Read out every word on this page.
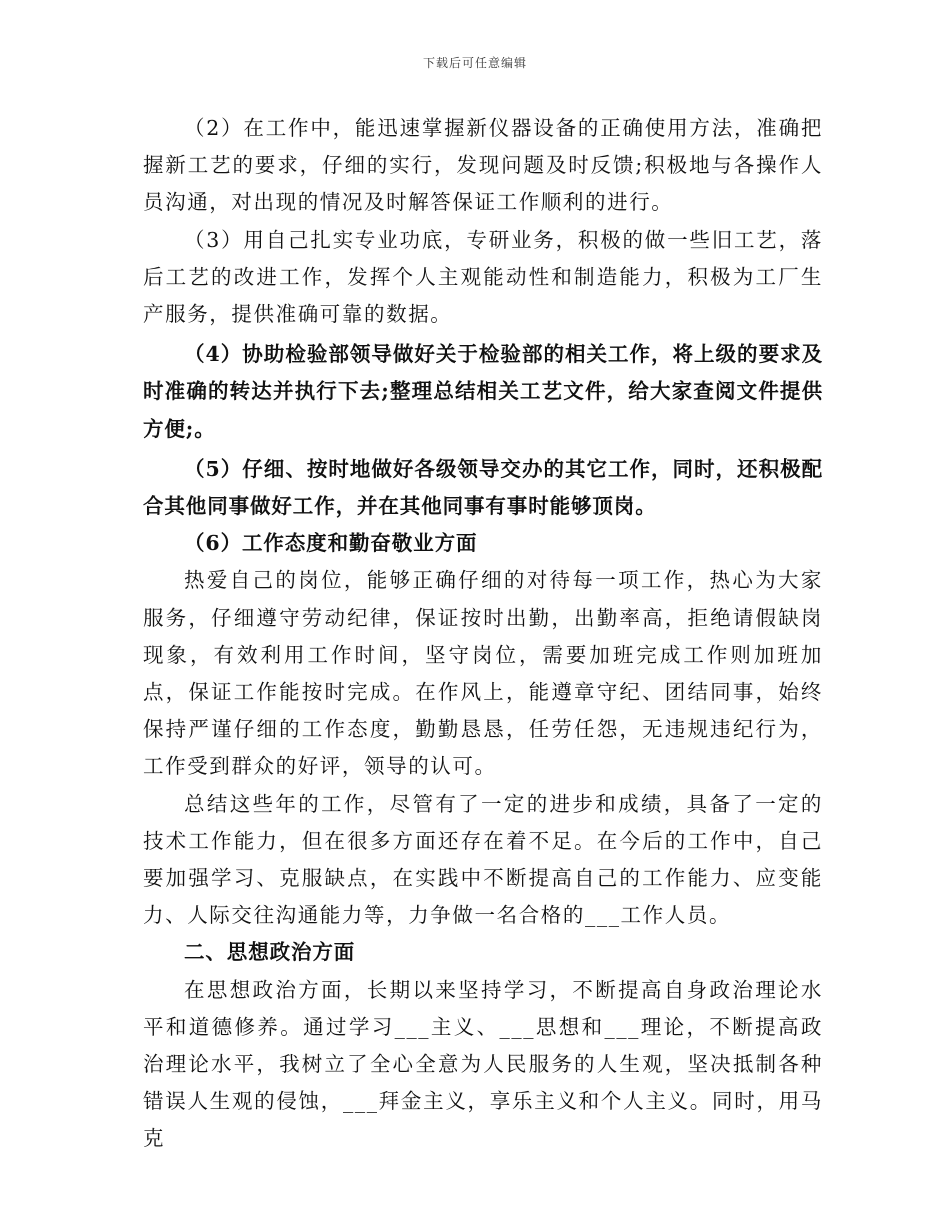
下载后可任意编辑

（2）在工作中，能迅速掌握新仪器设备的正确使用方法，准确把握新工艺的要求，仔细的实行，发现问题及时反馈;积极地与各操作人员沟通，对出现的情况及时解答保证工作顺利的进行。

（3）用自己扎实专业功底，专研业务，积极的做一些旧工艺，落后工艺的改进工作，发挥个人主观能动性和制造能力，积极为工厂生产服务，提供准确可靠的数据。

（4）协助检验部领导做好关于检验部的相关工作，将上级的要求及时准确的转达并执行下去;整理总结相关工艺文件，给大家查阅文件提供方便;。

（5）仔细、按时地做好各级领导交办的其它工作，同时，还积极配合其他同事做好工作，并在其他同事有事时能够顶岗。

（6）工作态度和勤奋敬业方面

热爱自己的岗位，能够正确仔细的对待每一项工作，热心为大家服务，仔细遵守劳动纪律，保证按时出勤，出勤率高，拒绝请假缺岗现象，有效利用工作时间，坚守岗位，需要加班完成工作则加班加点，保证工作能按时完成。在作风上，能遵章守纪、团结同事，始终保持严谨仔细的工作态度，勤勤恳恳，任劳任怨，无违规违纪行为，工作受到群众的好评，领导的认可。

总结这些年的工作，尽管有了一定的进步和成绩，具备了一定的技术工作能力，但在很多方面还存在着不足。在今后的工作中，自己要加强学习、克服缺点，在实践中不断提高自己的工作能力、应变能力、人际交往沟通能力等，力争做一名合格的___工作人员。

二、思想政治方面

在思想政治方面，长期以来坚持学习，不断提高自身政治理论水平和道德修养。通过学习___主义、___思想和___理论，不断提高政治理论水平，我树立了全心全意为人民服务的人生观，坚决抵制各种错误人生观的侵蚀，___拜金主义，享乐主义和个人主义。同时，用马克
